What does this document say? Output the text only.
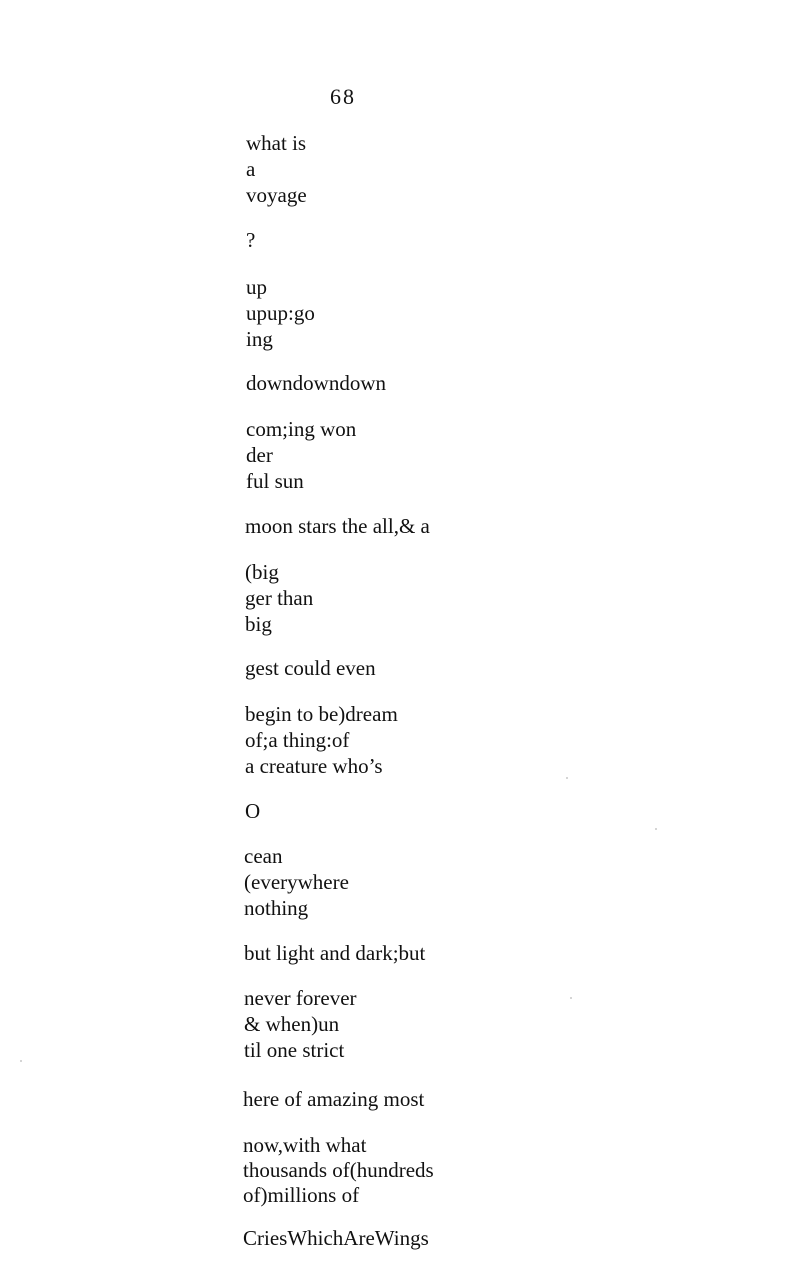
68
what is
a
voyage
?
up
upup:go
ing
downdowndown
com;ing won
der
ful sun
moon stars the all,& a
(big
ger than
big
gest could even
begin to be)dream
of;a thing:of
a creature who’s
O
cean
(everywhere
nothing
but light and dark;but
never forever
& when)un
til one strict
here of amazing most
now,with what
thousands of(hundreds
of)millions of
CriesWhichAreWings
